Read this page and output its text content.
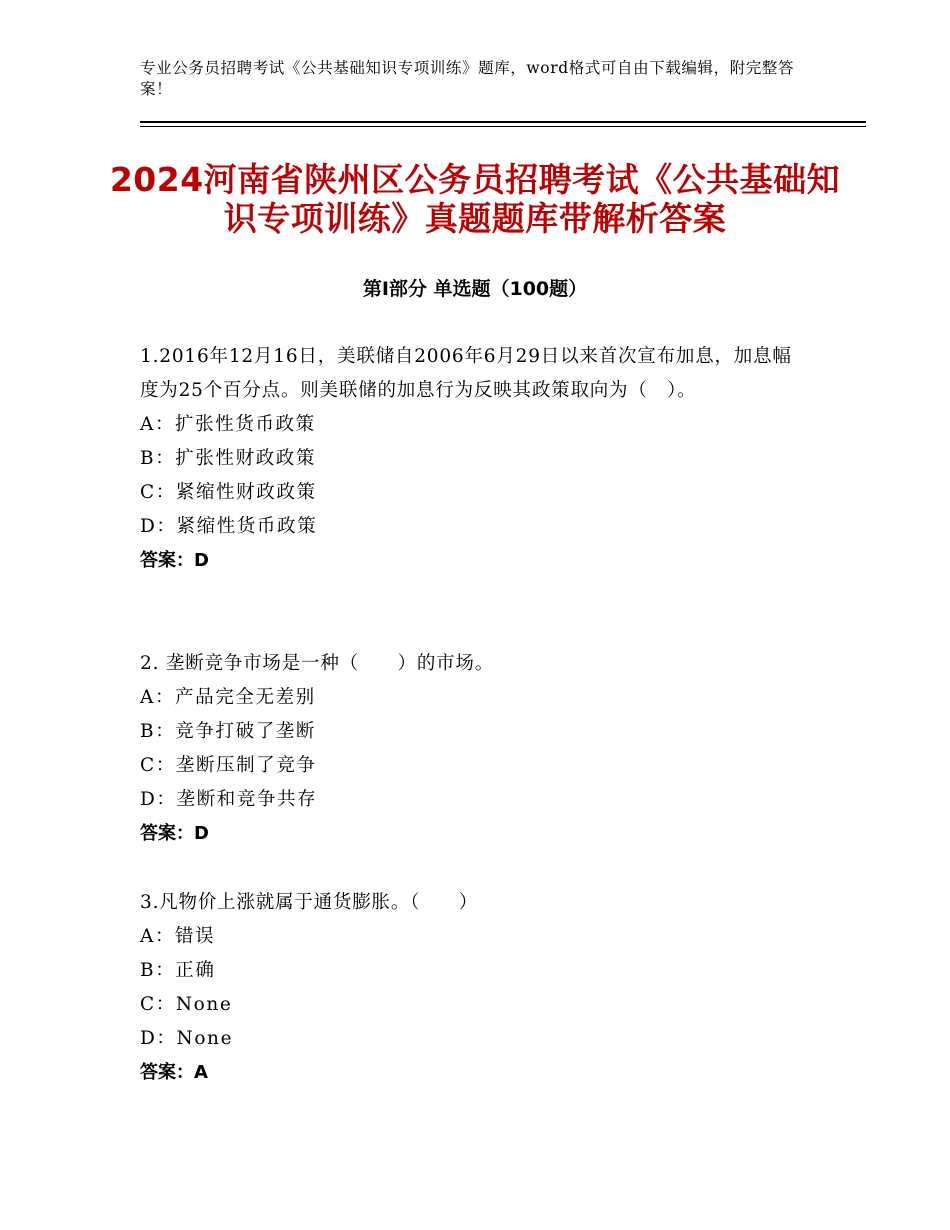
专业公务员招聘考试《公共基础知识专项训练》题库，word格式可自由下载编辑，附完整答案！
2024河南省陕州区公务员招聘考试《公共基础知识专项训练》真题题库带解析答案
第Ⅰ部分 单选题（100题）
1.2016年12月16日，美联储自2006年6月29日以来首次宣布加息，加息幅度为25个百分点。则美联储的加息行为反映其政策取向为（　）。
A：扩张性货币政策
B：扩张性财政政策
C：紧缩性财政政策
D：紧缩性货币政策
答案：D
2. 垄断竞争市场是一种（　　）的市场。
A：产品完全无差别
B：竞争打破了垄断
C：垄断压制了竞争
D：垄断和竞争共存
答案：D
3.凡物价上涨就属于通货膨胀。（　　）
A：错误
B：正确
C：None
D：None
答案：A
